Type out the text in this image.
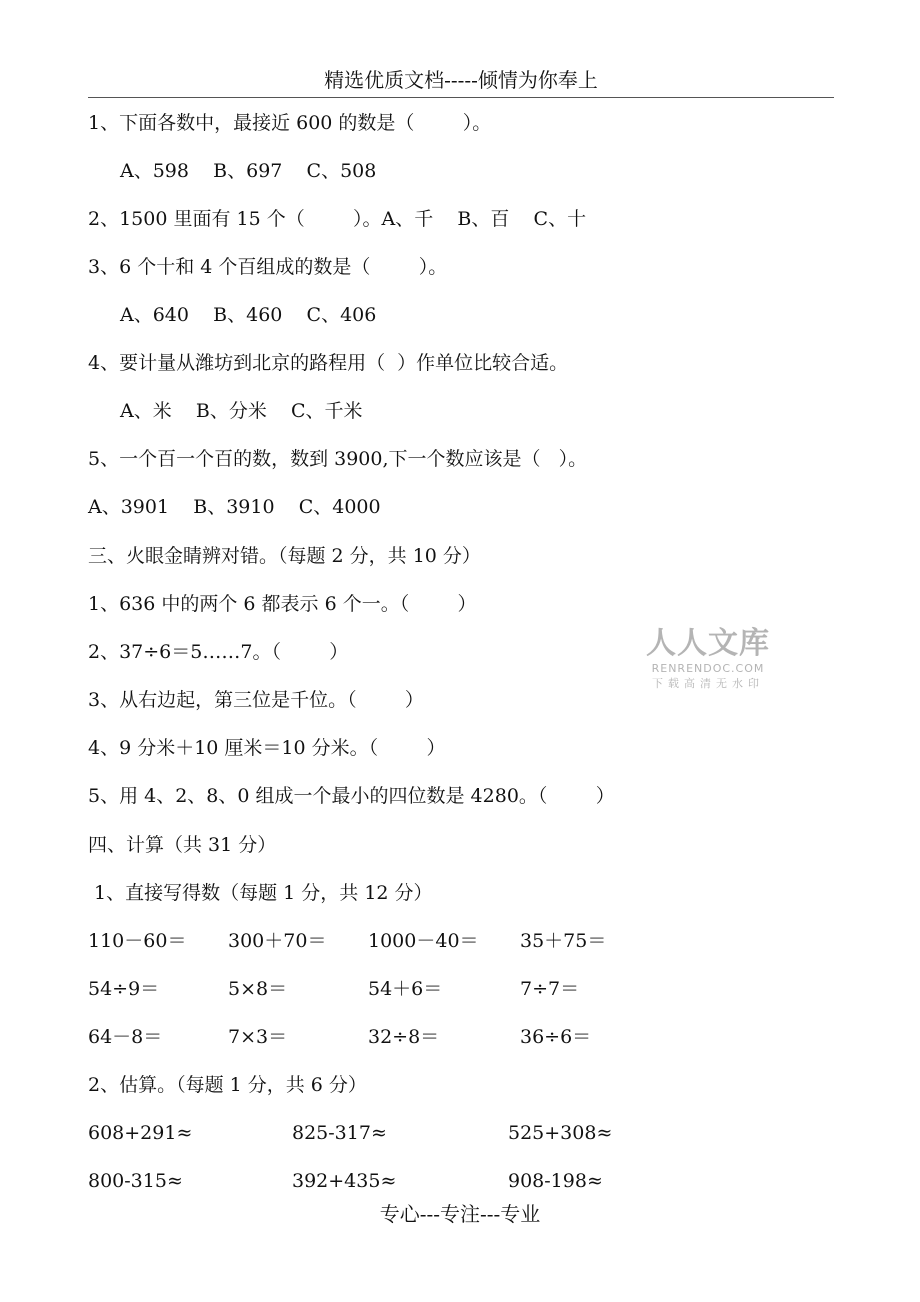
精选优质文档-----倾情为你奉上
1、下面各数中，最接近 600 的数是（        ）。
A、598    B、697    C、508
2、1500 里面有 15 个（        ）。A、千    B、百    C、十
3、6 个十和 4 个百组成的数是（        ）。
A、640    B、460    C、406
4、要计量从潍坊到北京的路程用（  ）作单位比较合适。
A、米    B、分米    C、千米
5、一个百一个百的数，数到 3900,下一个数应该是（   ）。
A、3901    B、3910    C、4000
三、火眼金睛辨对错。（每题 2 分，共 10 分）
1、636 中的两个 6 都表示 6 个一。（        ）
2、37÷6＝5……7。（        ）
3、从右边起，第三位是千位。（        ）
4、9 分米＋10 厘米＝10 分米。（        ）
5、用 4、2、8、0 组成一个最小的四位数是 4280。（        ）
四、计算（共 31 分）
1、直接写得数（每题 1 分，共 12 分）
110－60＝ 300＋70＝ 1000－40＝ 35＋75＝
54÷9＝	5×8＝	54＋6＝	7÷7＝
64－8＝	7×3＝	32÷8＝	36÷6＝
2、估算。（每题 1 分，共 6 分）
608+291≈	825-317≈	525+308≈
800-315≈	392+435≈	908-198≈
人人文库
RENRENDOC.COM
下载高清无水印
专心---专注---专业
